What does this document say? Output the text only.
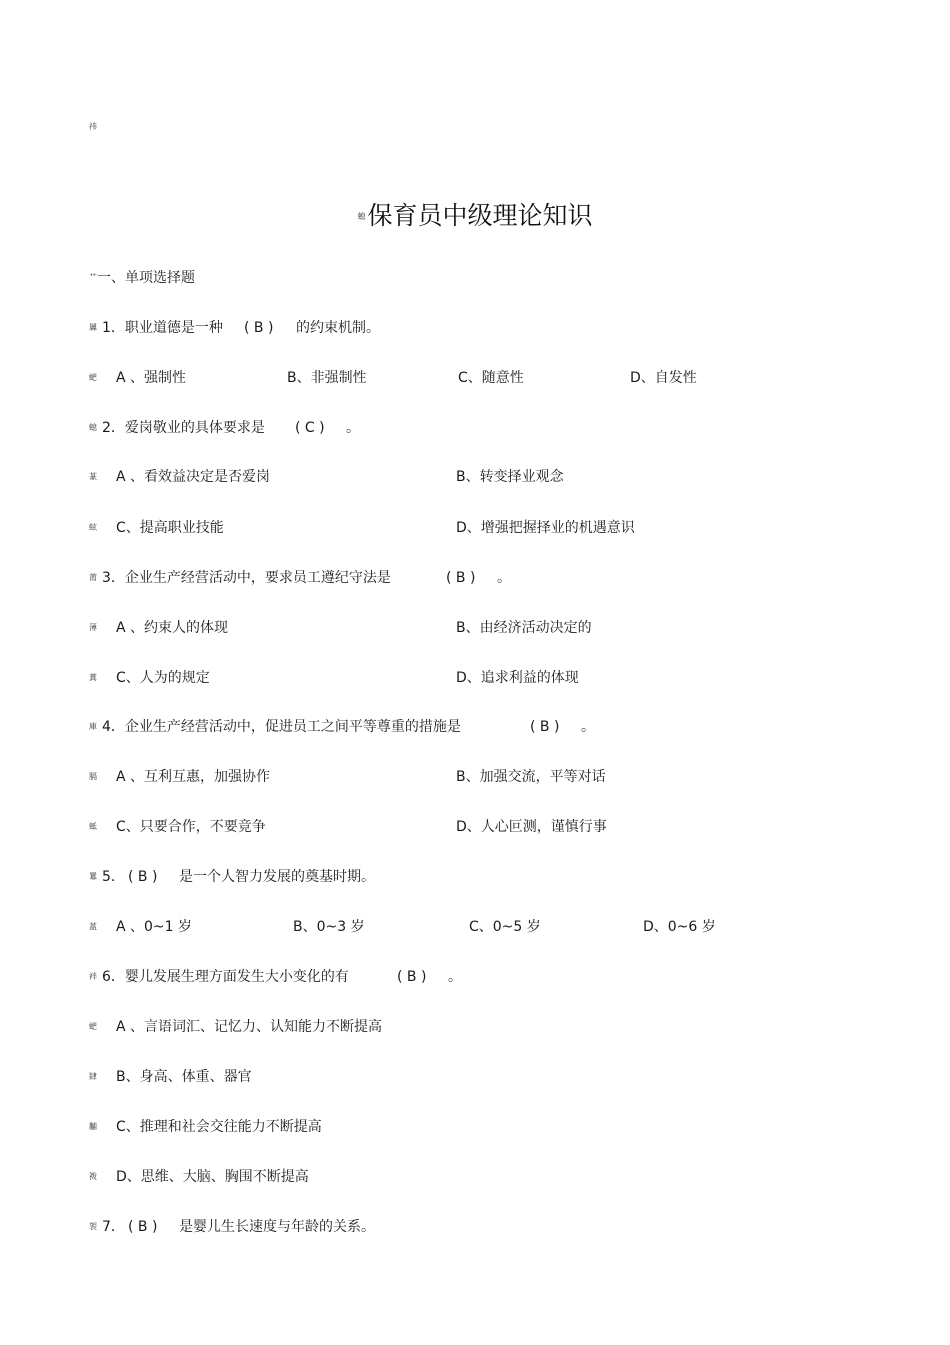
祎
螅保育员中级理论知识
艹 一、单项选择题
羼 1．职业道德是一种 ( B ) 的约束机制。
蚆 A 、强制性	B、非强制性	C、随意性	D、自发性
螅 2．爱岗敬业的具体要求是 ( C ) 。
蒃 A 、看效益决定是否爱岗	B、转变择业观念
蚿 C、提高职业技能	D、增强把握择业的机遇意识
莆 3．企业生产经营活动中，要求员工遵纪守法是	( B ) 。
薄 A 、约束人的体现	B、由经济活动决定的
蒖 C、人为的规定	D、追求利益的体现
庫 4．企业生产经营活动中，促进员工之间平等尊重的措施是	( B ) 。
膈 A 、互利互惠，加强协作	B、加强交流，平等对话
蚳 C、只要合作，不要竞争	D、人心叵测，谨慎行事
羃 5． ( B ) 是一个人智力发展的奠基时期。
蒕 A 、0~1 岁	B、0~3 岁	C、0~5 岁	D、0~6 岁
袢 6．婴儿发展生理方面发生大小变化的有	( B ) 。
蚆 A 、言语词汇、记忆力、认知能力不断提高
肄 B、身高、体重、器官
黼 C、推理和社会交往能力不断提高
袯 D、思维、大脑、胸围不断提高
袈 7． ( B ) 是婴儿生长速度与年龄的关系。
